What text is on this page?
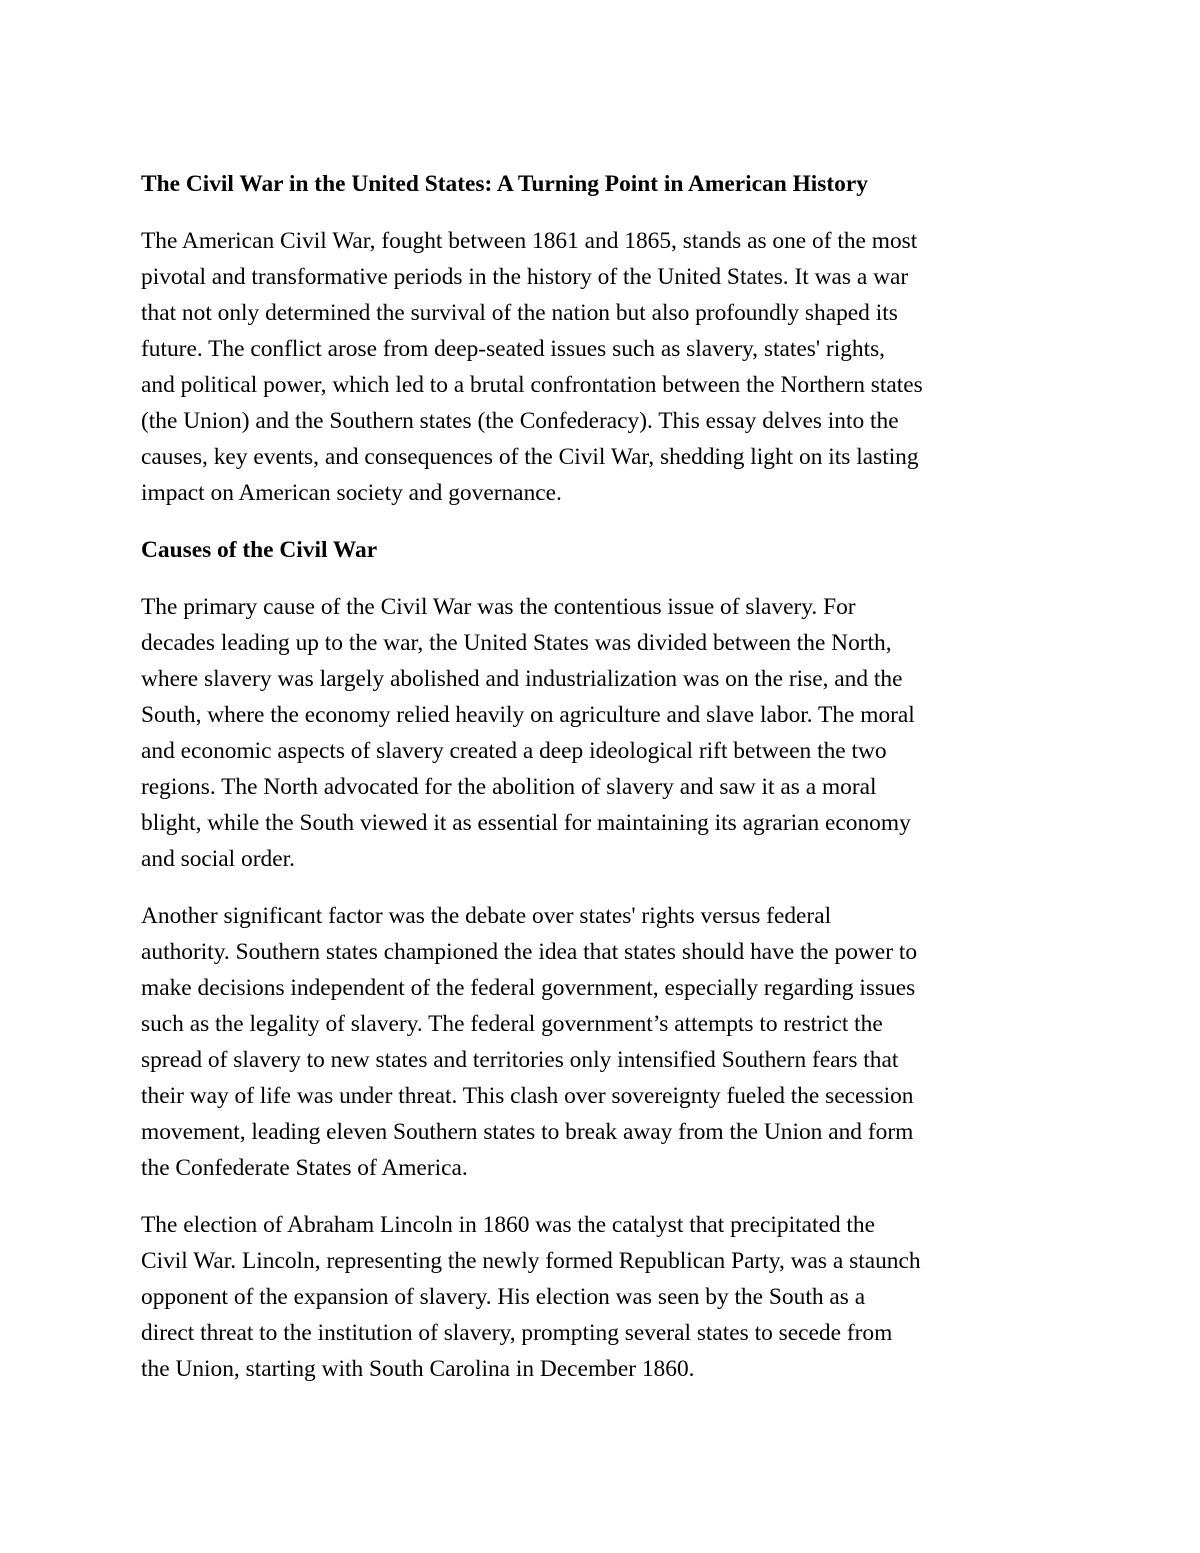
The Civil War in the United States: A Turning Point in American History
The American Civil War, fought between 1861 and 1865, stands as one of the most
pivotal and transformative periods in the history of the United States. It was a war
that not only determined the survival of the nation but also profoundly shaped its
future. The conflict arose from deep-seated issues such as slavery, states' rights,
and political power, which led to a brutal confrontation between the Northern states
(the Union) and the Southern states (the Confederacy). This essay delves into the
causes, key events, and consequences of the Civil War, shedding light on its lasting
impact on American society and governance.
Causes of the Civil War
The primary cause of the Civil War was the contentious issue of slavery. For
decades leading up to the war, the United States was divided between the North,
where slavery was largely abolished and industrialization was on the rise, and the
South, where the economy relied heavily on agriculture and slave labor. The moral
and economic aspects of slavery created a deep ideological rift between the two
regions. The North advocated for the abolition of slavery and saw it as a moral
blight, while the South viewed it as essential for maintaining its agrarian economy
and social order.
Another significant factor was the debate over states' rights versus federal
authority. Southern states championed the idea that states should have the power to
make decisions independent of the federal government, especially regarding issues
such as the legality of slavery. The federal government’s attempts to restrict the
spread of slavery to new states and territories only intensified Southern fears that
their way of life was under threat. This clash over sovereignty fueled the secession
movement, leading eleven Southern states to break away from the Union and form
the Confederate States of America.
The election of Abraham Lincoln in 1860 was the catalyst that precipitated the
Civil War. Lincoln, representing the newly formed Republican Party, was a staunch
opponent of the expansion of slavery. His election was seen by the South as a
direct threat to the institution of slavery, prompting several states to secede from
the Union, starting with South Carolina in December 1860.
